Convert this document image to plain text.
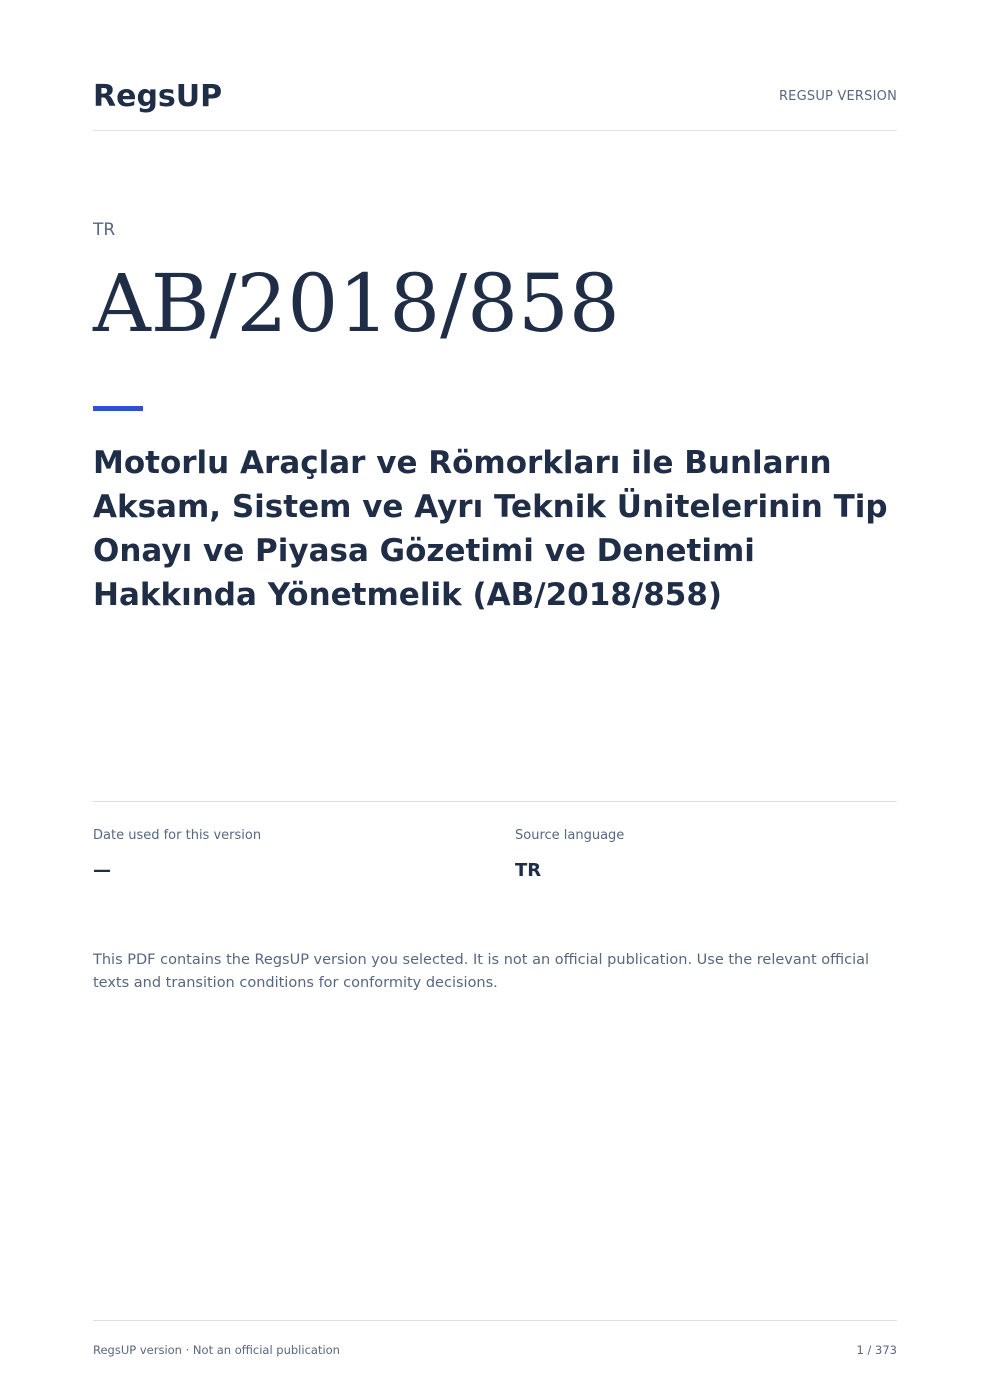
RegsUP	REGSUP VERSION
TR
AB/2018/858
Motorlu Araçlar ve Römorkları ile Bunların Aksam, Sistem ve Ayrı Teknik Ünitelerinin Tip Onayı ve Piyasa Gözetimi ve Denetimi Hakkında Yönetmelik (AB/2018/858)
Date used for this version
—
Source language
TR

This PDF contains the RegsUP version you selected. It is not an official publication. Use the relevant official texts and transition conditions for conformity decisions.

RegsUP version · Not an official publication	1 / 373
